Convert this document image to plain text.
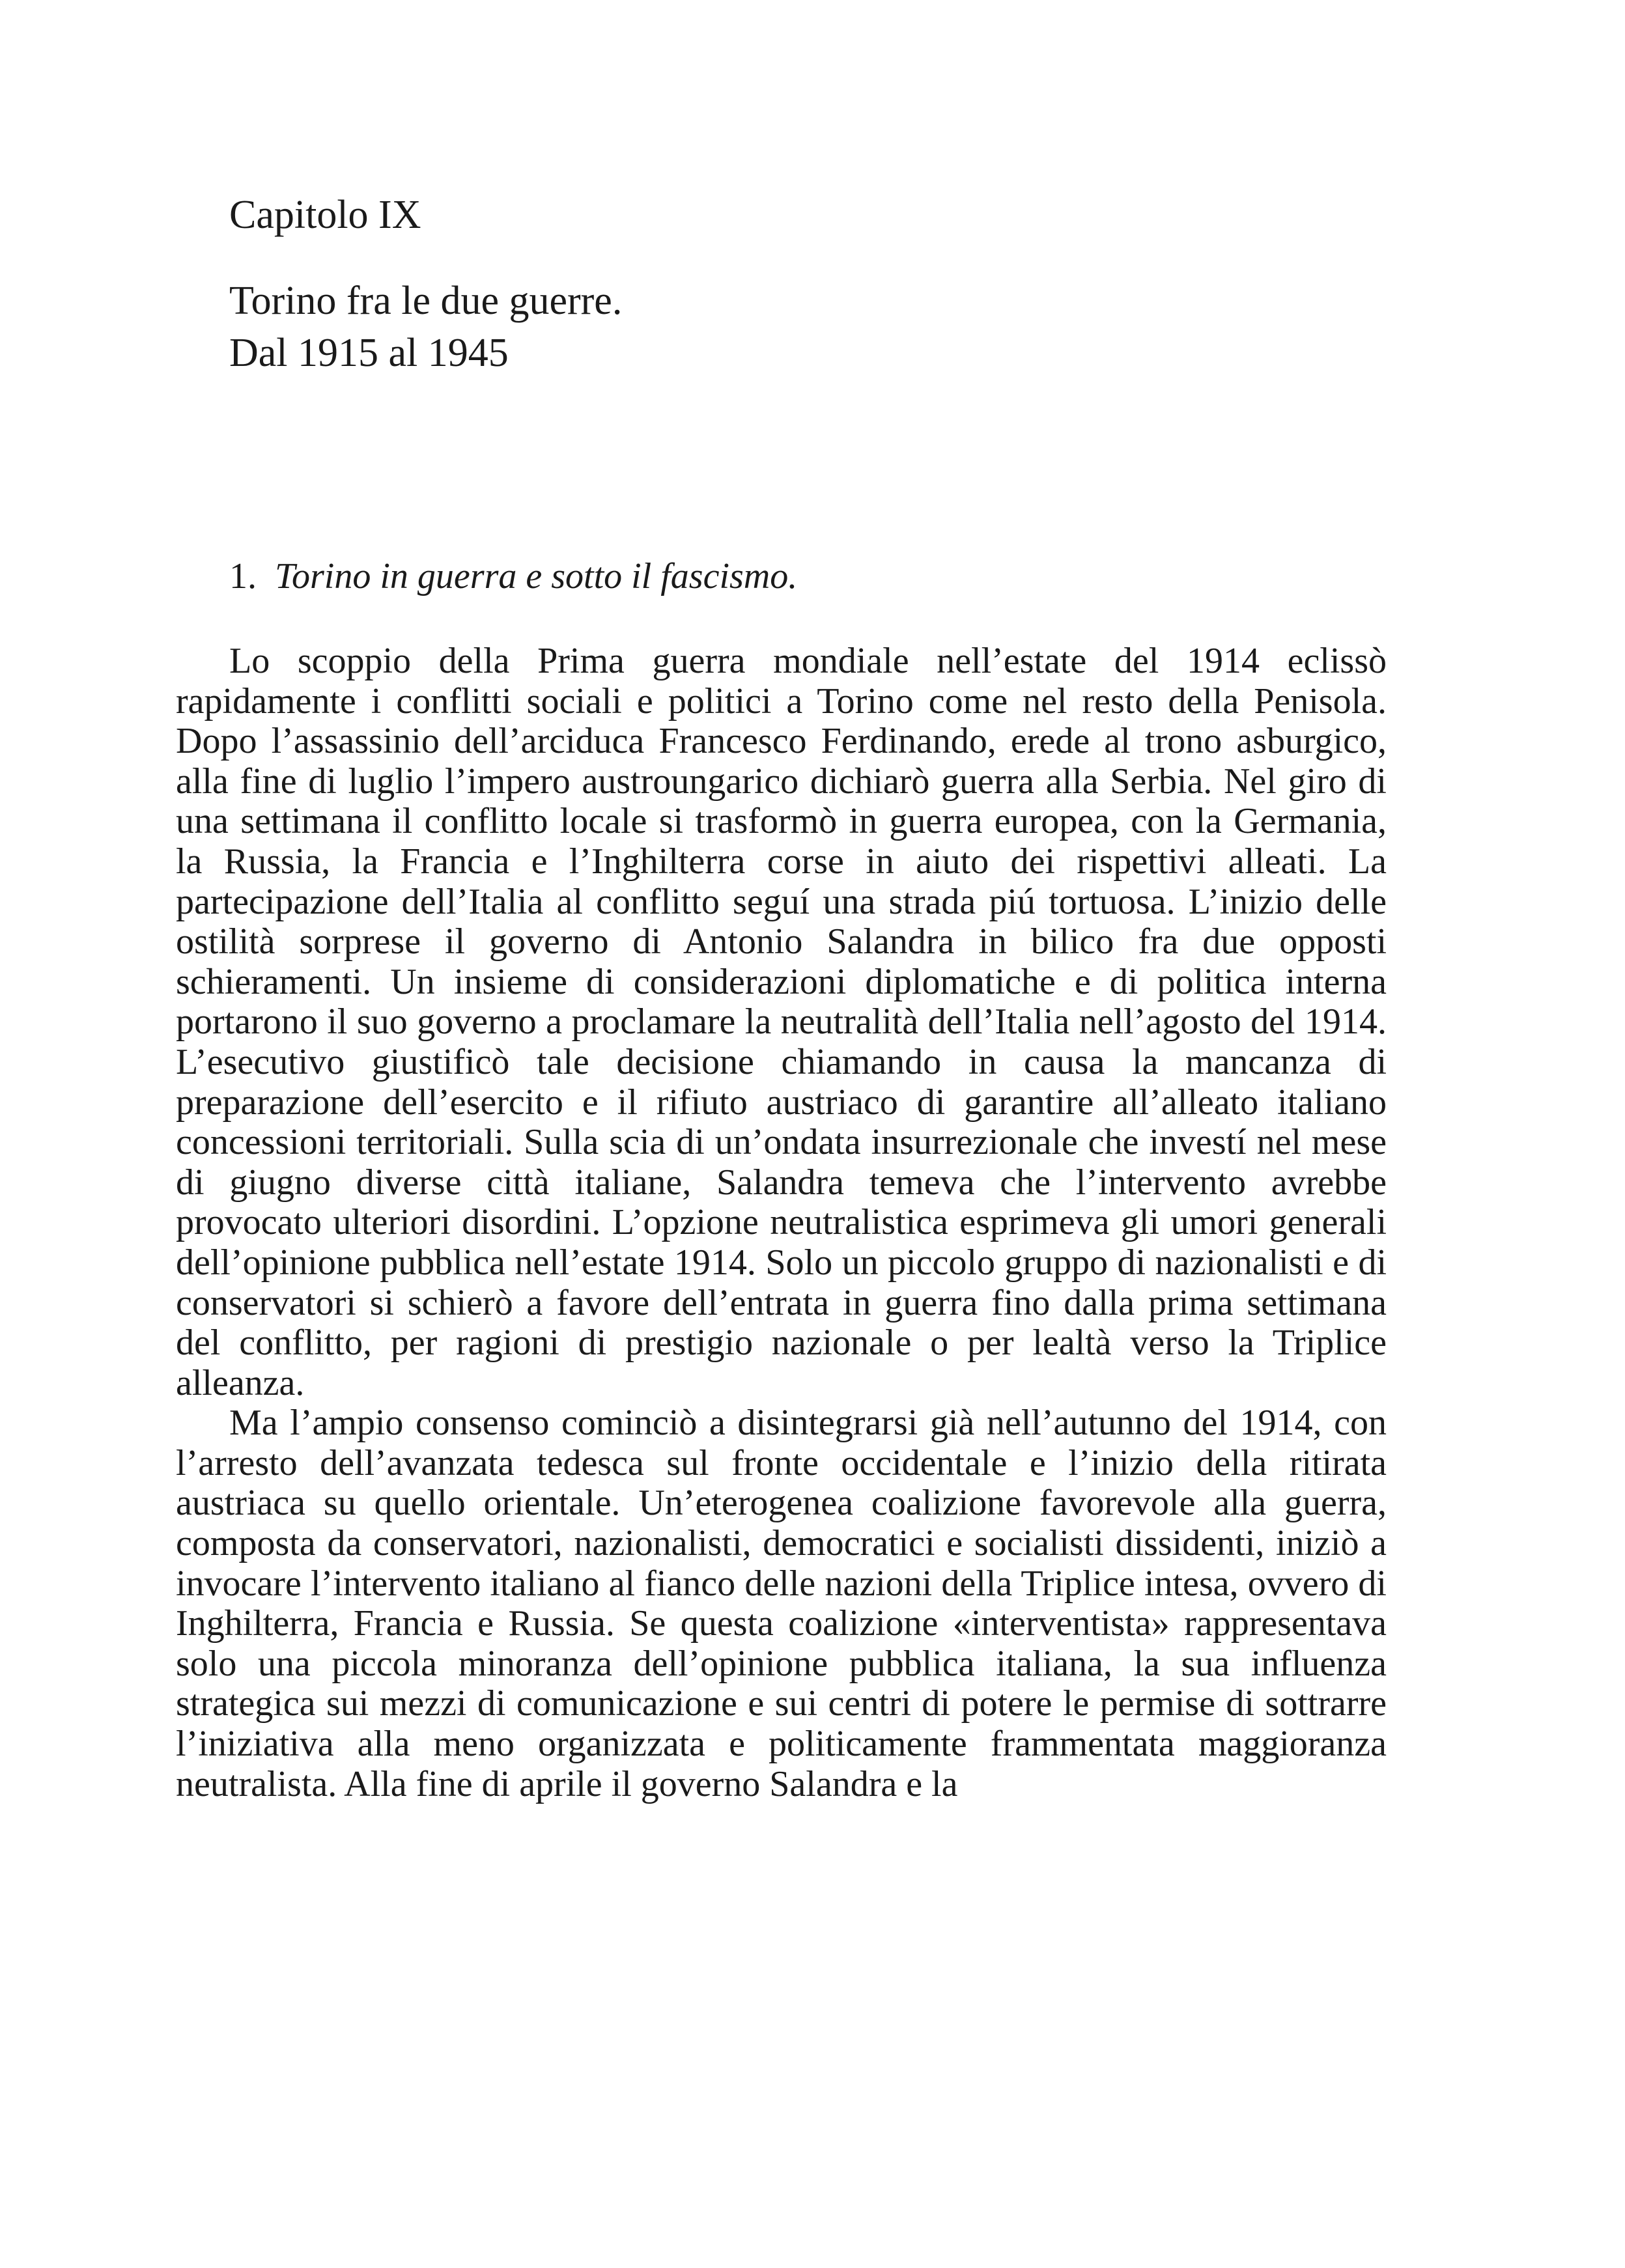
Capitolo IX
Torino fra le due guerre.
Dal 1915 al 1945
1. Torino in guerra e sotto il fascismo.

Lo scoppio della Prima guerra mondiale nell’estate del 1914 eclissò rapidamente i conflitti sociali e politici a Torino come nel resto della Penisola. Dopo l’assassinio dell’arciduca Francesco Ferdinando, erede al trono asburgico, alla fine di luglio l’impero austroungarico dichiarò guerra alla Serbia. Nel giro di una settimana il conflitto locale si trasformò in guerra europea, con la Germania, la Russia, la Francia e l’Inghilterra corse in aiuto dei rispettivi alleati. La partecipazione dell’Italia al conflitto seguí una strada piú tortuosa. L’inizio delle ostilità sorprese il governo di Antonio Salandra in bilico fra due opposti schieramenti. Un insieme di considerazioni diplomatiche e di politica interna portarono il suo governo a proclamare la neutralità dell’Italia nell’agosto del 1914. L’esecutivo giustificò tale decisione chiamando in causa la mancanza di preparazione dell’esercito e il rifiuto austriaco di garantire all’alleato italiano concessioni territoriali. Sulla scia di un’ondata insurrezionale che investí nel mese di giugno diverse città italiane, Salandra temeva che l’intervento avrebbe provocato ulteriori disordini. L’opzione neutralistica esprimeva gli umori generali dell’opinione pubblica nell’estate 1914. Solo un piccolo gruppo di nazionalisti e di conservatori si schierò a favore dell’entrata in guerra fino dalla prima settimana del conflitto, per ragioni di prestigio nazionale o per lealtà verso la Triplice alleanza.

Ma l’ampio consenso cominciò a disintegrarsi già nell’autunno del 1914, con l’arresto dell’avanzata tedesca sul fronte occidentale e l’inizio della ritirata austriaca su quello orientale. Un’eterogenea coalizione favorevole alla guerra, composta da conservatori, nazionalisti, democratici e socialisti dissidenti, iniziò a invocare l’intervento italiano al fianco delle nazioni della Triplice intesa, ovvero di Inghilterra, Francia e Russia. Se questa coalizione «interventista» rappresentava solo una piccola minoranza dell’opinione pubblica italiana, la sua influenza strategica sui mezzi di comunicazione e sui centri di potere le permise di sottrarre l’iniziativa alla meno organizzata e politicamente frammentata maggioranza neutralista. Alla fine di aprile il governo Salandra e la
